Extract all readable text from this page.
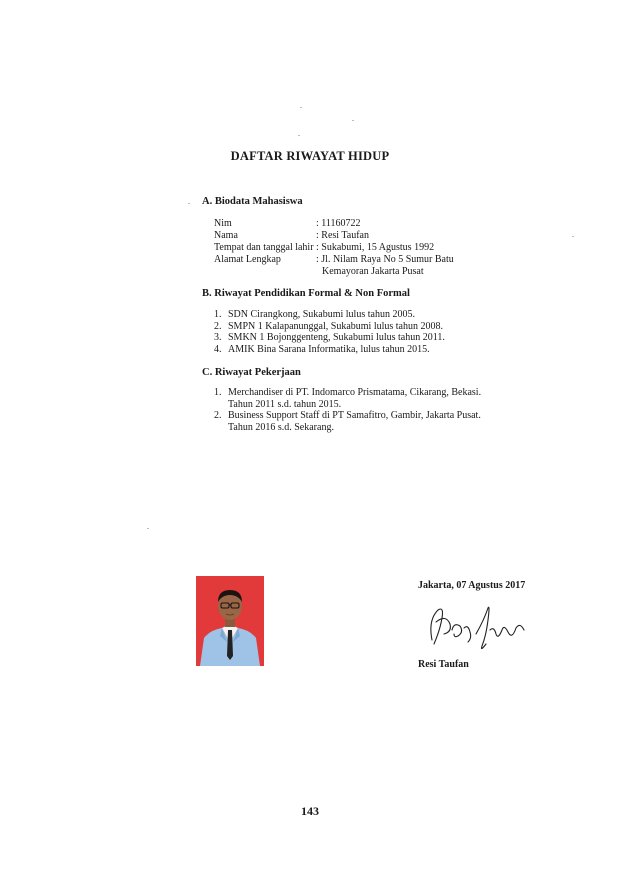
DAFTAR RIWAYAT HIDUP
A. Biodata Mahasiswa
Nim	: 11160722
Nama	: Resi Taufan
Tempat dan tanggal lahir : Sukabumi, 15 Agustus 1992
Alamat Lengkap	: Jl. Nilam Raya No 5 Sumur Batu
Kemayoran Jakarta Pusat
B. Riwayat Pendidikan Formal & Non Formal
1. SDN Cirangkong, Sukabumi lulus tahun 2005.
2. SMPN 1 Kalapanunggal, Sukabumi lulus tahun 2008.
3. SMKN 1 Bojonggenteng, Sukabumi lulus tahun 2011.
4. AMIK Bina Sarana Informatika, lulus tahun 2015.
C. Riwayat Pekerjaan
1. Merchandiser di PT. Indomarco Prismatama, Cikarang, Bekasi.
Tahun 2011 s.d. tahun 2015.
2. Business Support Staff di PT Samafitro, Gambir, Jakarta Pusat.
Tahun 2016 s.d. Sekarang.
Jakarta, 07 Agustus 2017
Resi Taufan
143
